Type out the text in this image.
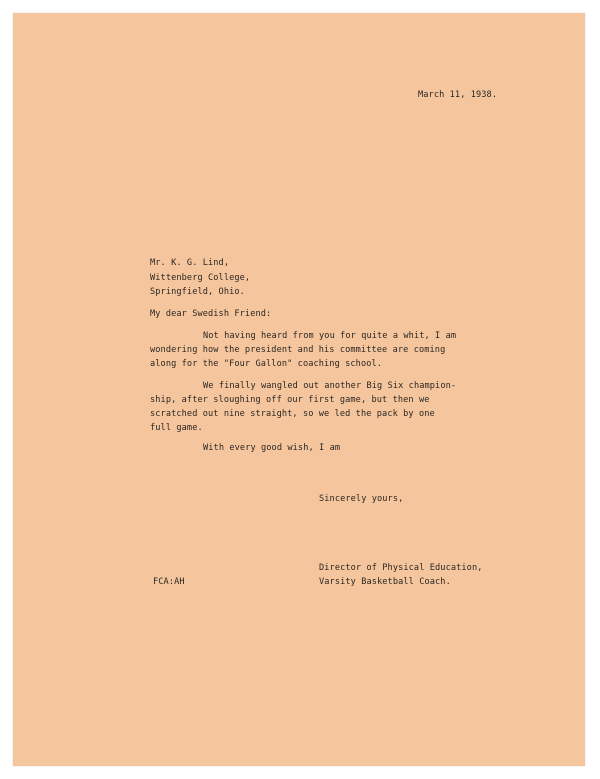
March 11, 1938.
Mr. K. G. Lind,
Wittenberg College,
Springfield, Ohio.
My dear Swedish Friend:
Not having heard from you for quite a whit, I am
wondering how the president and his committee are coming
along for the "Four Gallon" coaching school.
We finally wangled out another Big Six champion-
ship, after sloughing off our first game, but then we
scratched out nine straight, so we led the pack by one
full game.
With every good wish, I am
Sincerely yours,
Director of Physical Education,
Varsity Basketball Coach.
FCA:AH
